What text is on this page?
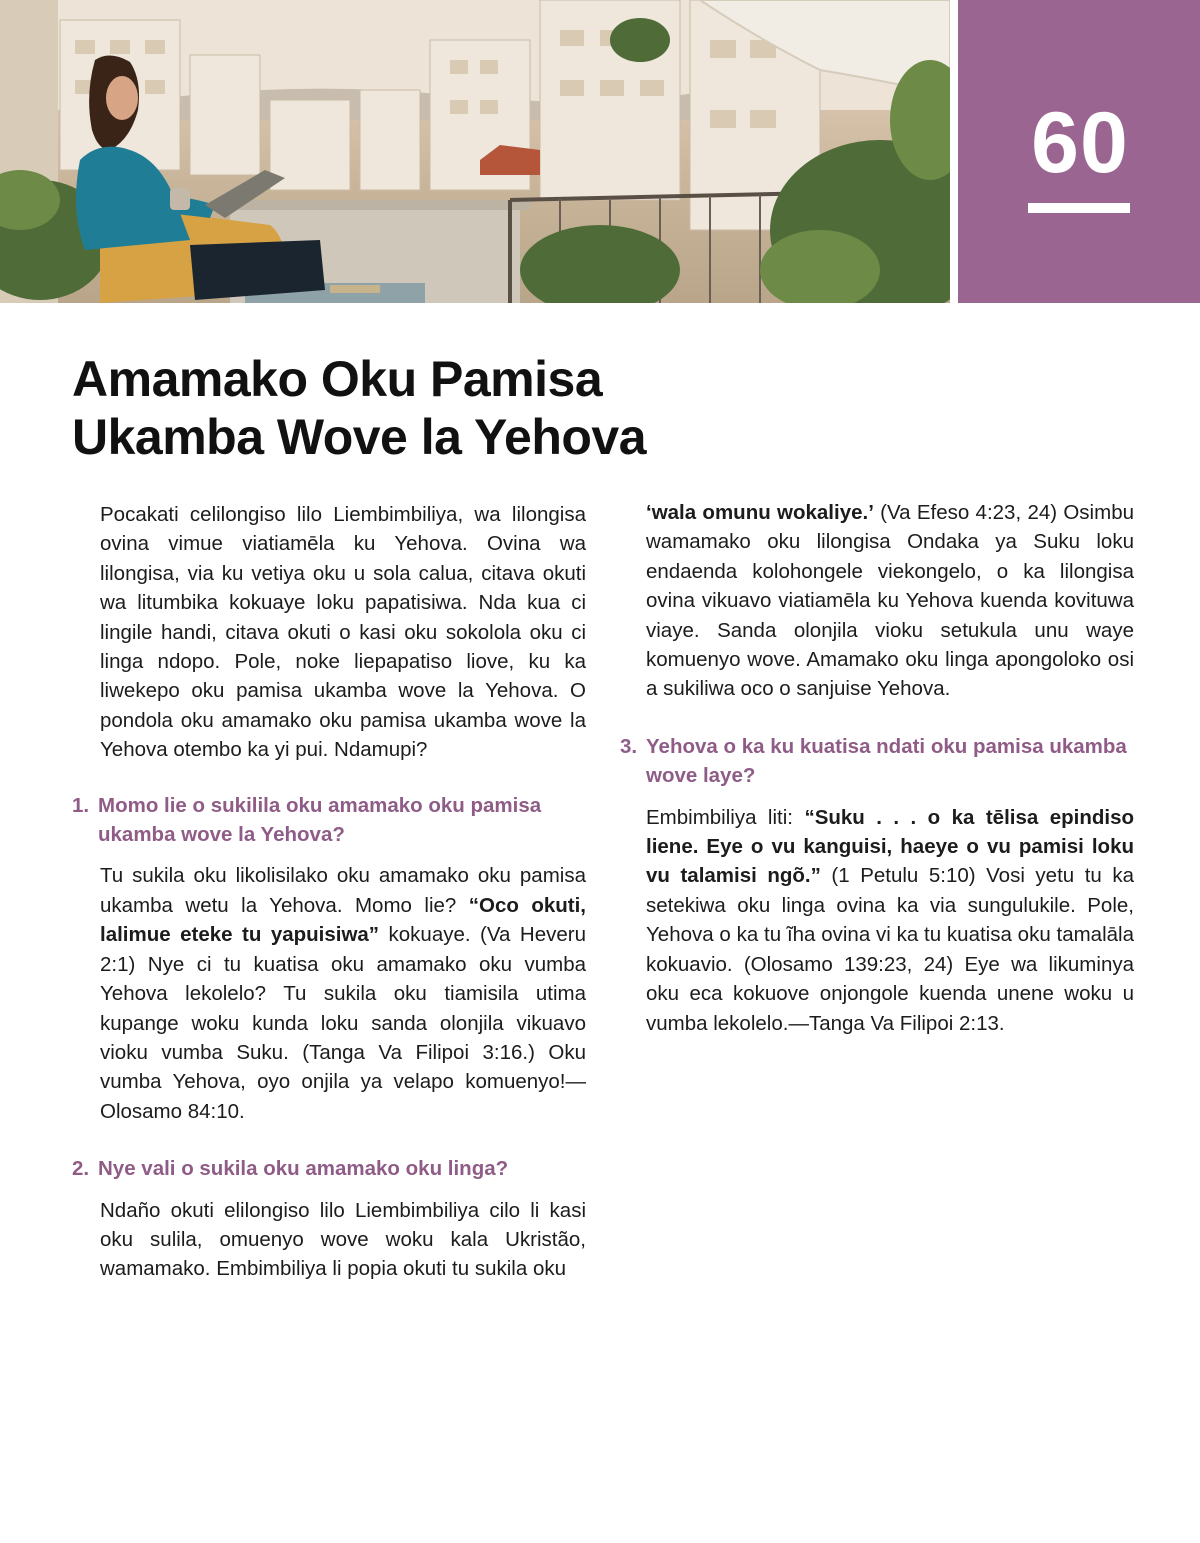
60
Amamako Oku Pamisa
Ukamba Wove la Yehova
Pocakati celilongiso lilo Liembimbiliya, wa lilongisa ovina vimue viatiamēla ku Yehova. Ovina wa lilongisa, via ku vetiya oku u sola calua, citava okuti wa litumbika kokuaye loku papatisiwa. Nda kua ci lingile handi, citava okuti o kasi oku sokolola oku ci linga ndopo. Pole, noke liepapatiso liove, ku ka liwekepo oku pamisa ukamba wove la Yehova. O pondola oku amamako oku pamisa ukamba wove la Yehova otembo ka yi pui. Ndamupi?
1. Momo lie o sukilila oku amamako oku pamisa ukamba wove la Yehova?
Tu sukila oku likolisilako oku amamako oku pamisa ukamba wetu la Yehova. Momo lie? “Oco okuti, lalimue eteke tu yapuisiwa” kokuaye. (Va Heveru 2:1) Nye ci tu kuatisa oku amamako oku vumba Yehova lekolelo? Tu sukila oku tiamisila utima kupange woku kunda loku sanda olonjila vikuavo vioku vumba Suku. (Tanga Va Filipoi 3:16.) Oku vumba Yehova, oyo onjila ya velapo komuenyo!—Olosamo 84:10.
2. Nye vali o sukila oku amamako oku linga?
Ndaño okuti elilongiso lilo Liembimbiliya cilo li kasi oku sulila, omuenyo wove woku kala Ukristão, wamamako. Embimbiliya li popia okuti tu sukila oku
‘wala omunu wokaliye.’ (Va Efeso 4:23, 24) Osimbu wamamako oku lilongisa Ondaka ya Suku loku endaenda kolohongele viekongelo, o ka lilongisa ovina vikuavo viatiamēla ku Yehova kuenda kovituwa viaye. Sanda olonjila vioku setukula unu waye komuenyo wove. Amamako oku linga apongoloko osi a sukiliwa oco o sanjuise Yehova.
3. Yehova o ka ku kuatisa ndati oku pamisa ukamba wove laye?
Embimbiliya liti: “Suku . . . o ka tēlisa epindiso liene. Eye o vu kanguisi, haeye o vu pamisi loku vu talamisi ngõ.” (1 Petulu 5:10) Vosi yetu tu ka setekiwa oku linga ovina ka via sungulukile. Pole, Yehova o ka tu ĩha ovina vi ka tu kuatisa oku tamalāla kokuavio. (Olosamo 139:23, 24) Eye wa likuminya oku eca kokuove onjongole kuenda unene woku u vumba lekolelo.—Tanga Va Filipoi 2:13.
